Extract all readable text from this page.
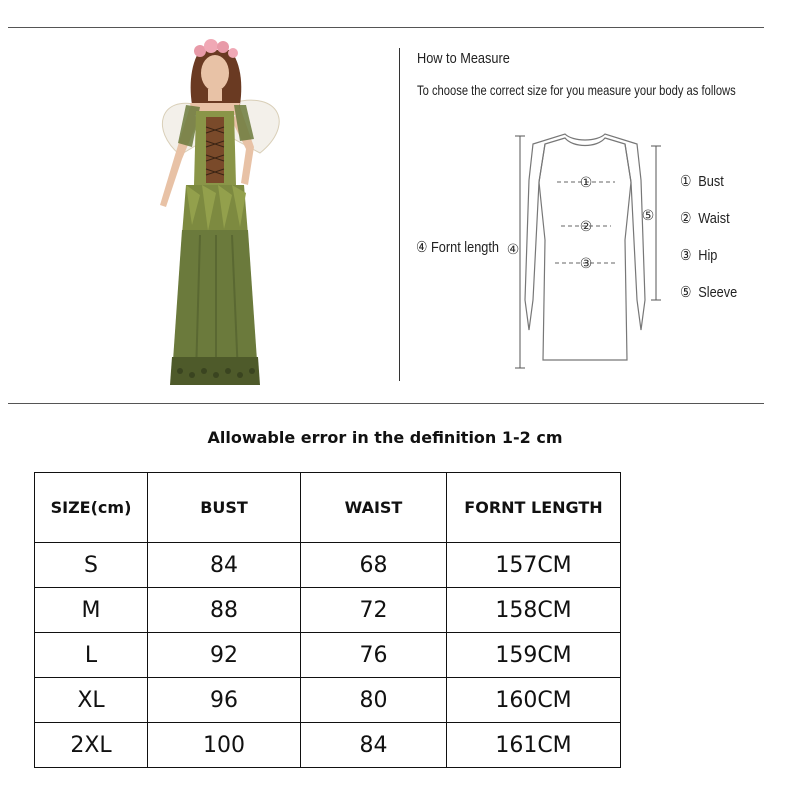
How to Measure
To choose the correct size for you measure your body as follows
①
②
③
④
⑤
④ Fornt length
① Bust
② Waist
③ Hip
⑤ Sleeve
Allowable error in the definition 1-2 cm
SIZE(cm)	BUST	WAIST	FORNT LENGTH
S	84	68	157CM
M	88	72	158CM
L	92	76	159CM
XL	96	80	160CM
2XL	100	84	161CM
